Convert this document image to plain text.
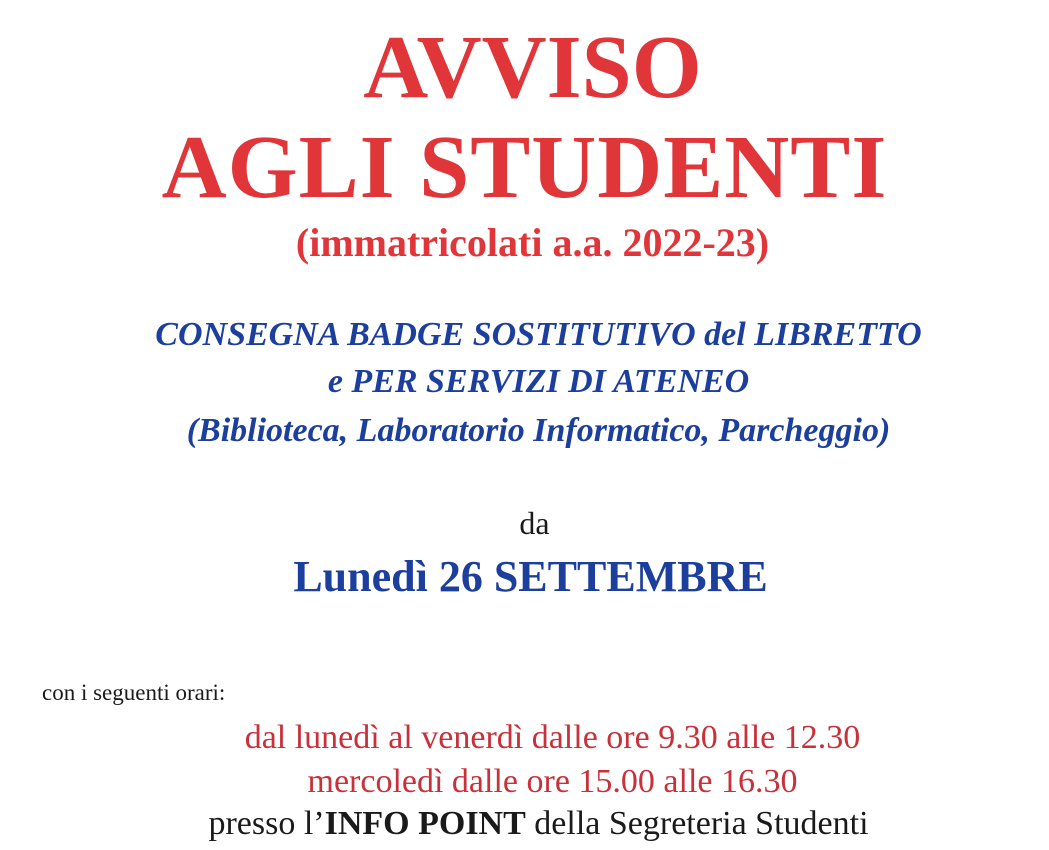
AVVISO
AGLI STUDENTI

(immatricolati a.a. 2022-23)

CONSEGNA BADGE SOSTITUTIVO del LIBRETTO

e PER SERVIZI DI ATENEO

(Biblioteca, Laboratorio Informatico, Parcheggio)

da

Lunedì 26 SETTEMBRE

con i seguenti orari:

dal lunedì al venerdì dalle ore 9.30 alle 12.30

mercoledì dalle ore 15.00 alle 16.30

presso l’INFO POINT della Segreteria Studenti
